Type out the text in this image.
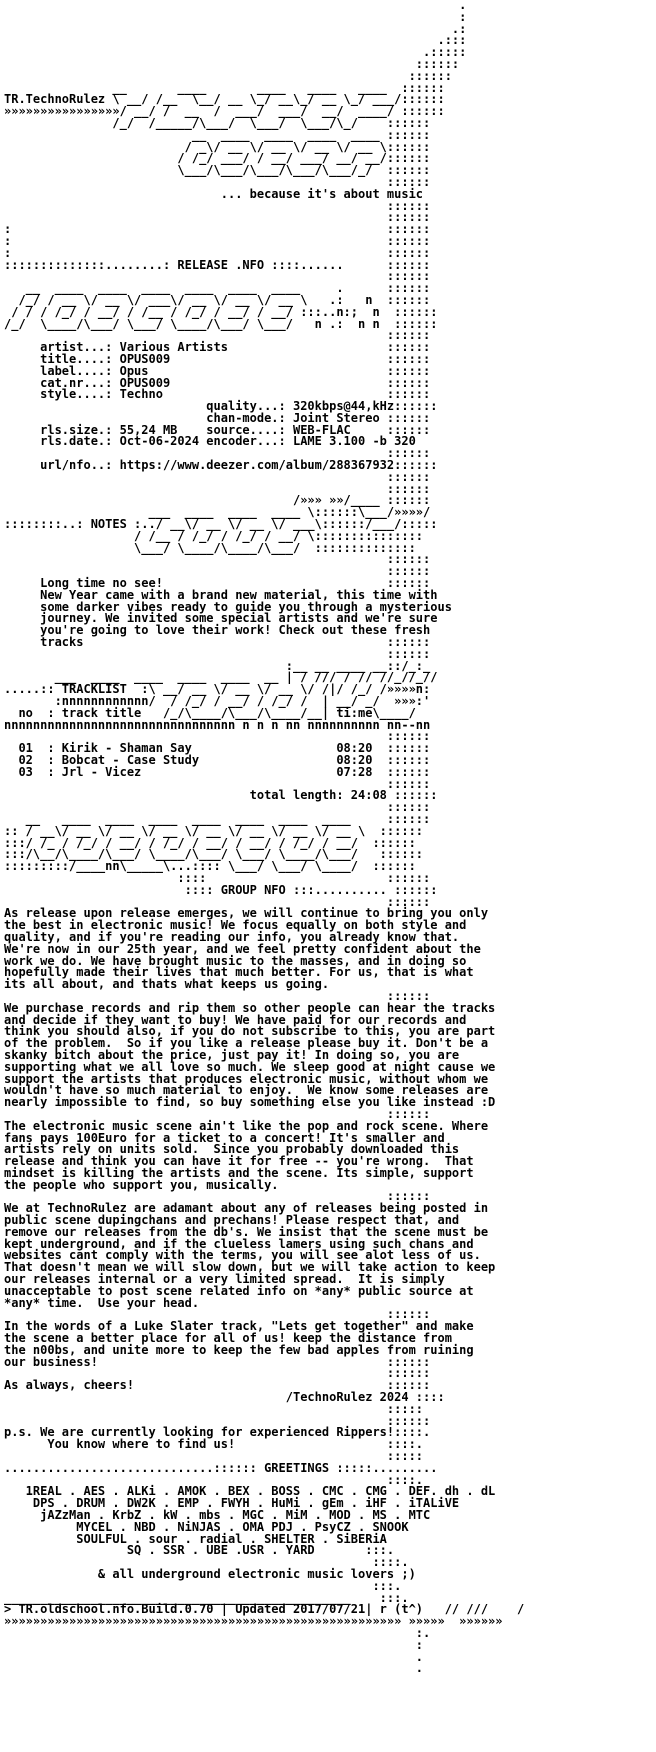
.
:
.:
.:::
.:::::
::::::
::::::
__       ____       ____   ____   ____  ::::::
TR.TechnoRulez \ __/ /__  \__/ __ \_/ __\_/ __ \_/ ___/::::::
»»»»»»»»»»»»»»»»/ __/ /  __  /  ___/  ___/  __/  ____/ ::::::
/_/  /_____/\___/  \___/  \___/\_/    ::::::
__  ____  ____  ____  ____ ::::::
/ _\/ __ \/ __ \/ __ \/ __ \::::::
/ /_/ ___/ / __/ ___/ __/ __/::::::
\___/\___/\___/\___/\___/_/  ::::::
::::::
... because it's about music
::::::
::::::
:                                                    ::::::
:                                                    ::::::
:                                                    ::::::
::::::::::::::........: RELEASE .NFO ::::......      ::::::
::::::
__  ____  ____  ____  ____  ____  ____     .      ::::::
/_/ / __ \/ __ \/ ___\/ __ \/ __ \/ __ \   .:   n  ::::::
/ / / /_/ / __/ / /__ / /_/ / __/ / __/ :::..n:;  n  ::::::
/_/  \____/\___/ \___/ \____/\___/ \___/   n .:  n n  ::::::
::::::
artist...: Various Artists                      ::::::
title....: OPUS009                              ::::::
label....: Opus                                 ::::::
cat.nr...: OPUS009                              ::::::
style....: Techno                               ::::::
quality...: 320kbps@44,kHz::::::
chan-mode.: Joint Stereo ::::::
rls.size.: 55,24 MB    source....: WEB-FLAC     ::::::
rls.date.: Oct-06-2024 encoder...: LAME 3.100 -b 320
::::::
url/nfo..: https://www.deezer.com/album/288367932::::::
::::::
::::::
/»»» »»/____ ::::::
___  ____  ____  ____ \::::::\___/»»»»/
::::::::..: NOTES :../ __\/ __ \/ __ \/ ___\::::::/___/:::::
/ /__ / /_/ / /_/ / __/ \:::::::::::::::
\___/ \____/\____/\___/  ::::::::::::::
::::::
::::::
Long time no see!                               ::::::
New Year came with a brand new material, this time with
some darker vibes ready to guide you through a mysterious
journey. We invited some special artists and we're sure
you're going to love their work! Check out these fresh
tracks                                          ::::::
::::::
:__ __ ____ __::/_:_
___  ____  ____  ____  ____  __ | / /// / // //_//_//
.....:: TRACKLIST  :\ __/ __ \/ __ \/ __ \/ /|/ /_/ /»»»»n:
:nnnnnnnnnnnn/  / /_/ / __/ / /_/ /  | __/ _/  »»»:'
no  : track title   /_/\____/\___/\____/__| ti:me\____/
nnnnnnnnnnnnnnnnnnnnnnnnnnnnnnnn n n n nn nnnnnnnnnn nn--nn
::::::
01  : Kirik - Shaman Say                    08:20  ::::::
02  : Bobcat - Case Study                   08:20  ::::::
03  : Jrl - Vicez                           07:28  ::::::
::::::
total length: 24:08 ::::::
::::::
__   ____  ____  ____  ____  ____  ____  ____     ::::::
:: / __\/ __ \/ __ \/ __ \/ __ \/ __ \/ __ \/ __ \  ::::::
:::/ /_ / /_/ / __/ / /_/ / __/ / __/ / /_/ / __/  ::::::
:::/\__/\____/\___/ \____/\___/ \___/ \____/\___/   ::::::
:::::::::/____nn\_____\...:::: \___/ \___/ \____/  ::::::
::::                         ::::::
:::: GROUP NFO :::.......... ::::::
::::::
As release upon release emerges, we will continue to bring you only
the best in electronic music! We focus equally on both style and
quality, and if you're reading our info, you already know that.
We're now in our 25th year, and we feel pretty confident about the
work we do. We have brought music to the masses, and in doing so
hopefully made their lives that much better. For us, that is what
its all about, and thats what keeps us going.
::::::
We purchase records and rip them so other people can hear the tracks
and decide if they want to buy! We have paid for our records and
think you should also, if you do not subscribe to this, you are part
of the problem.  So if you like a release please buy it. Don't be a
skanky bitch about the price, just pay it! In doing so, you are
supporting what we all love so much. We sleep good at night cause we
support the artists that produces electronic music, without whom we
wouldn't have so much material to enjoy.  We know some releases are
nearly impossible to find, so buy something else you like instead :D
::::::
The electronic music scene ain't like the pop and rock scene. Where
fans pays 100Euro for a ticket to a concert! It's smaller and
artists rely on units sold.  Since you probably downloaded this
release and think you can have it for free -- you're wrong.  That
mindset is killing the artists and the scene. Its simple, support
the people who support you, musically.
::::::
We at TechnoRulez are adamant about any of releases being posted in
public scene dupingchans and prechans! Please respect that, and
remove our releases from the db's. We insist that the scene must be
kept underground, and if the clueless lamers using such chans and
websites cant comply with the terms, you will see alot less of us.
That doesn't mean we will slow down, but we will take action to keep
our releases internal or a very limited spread.  It is simply
unacceptable to post scene related info on *any* public source at
*any* time.  Use your head.
::::::
In the words of a Luke Slater track, "Lets get together" and make
the scene a better place for all of us! keep the distance from
the n00bs, and unite more to keep the few bad apples from ruining
our business!                                        ::::::
::::::
As always, cheers!                                   ::::::
/TechnoRulez 2024 ::::
:::::
::::::
p.s. We are currently looking for experienced Rippers!::::.
You know where to find us!                     ::::.
:::::
.............................:::::: GREETINGS :::::.........
::::.
1REAL . AES . ALKi . AMOK . BEX . BOSS . CMC . CMG . DEF. dh . dL
DPS . DRUM . DW2K . EMP . FWYH . HuMi . gEm . iHF . iTALiVE
jAZzMan . KrbZ . kW . mbs . MGC . MiM . MOD . MS . MTC
MYCEL . NBD . NiNJAS . OMA PDJ . PsyCZ . SNOOK
SOULFUL . sour . radial . SHELTER . SiBERiA
SQ . SSR . UBE .USR . YARD       :::.
::::.
& all underground electronic music lovers ;)
:::.
________________________________________________    :::.
> TR.oldschool.nfo.Build.0.70 | Updated 2017/07/21| r (t^)   // ///    /
»»»»»»»»»»»»»»»»»»»»»»»»»»»»»»»»»»»»»»»»»»»»»»»»»»»»»»» »»»»»  »»»»»»
:.
:
.
.
